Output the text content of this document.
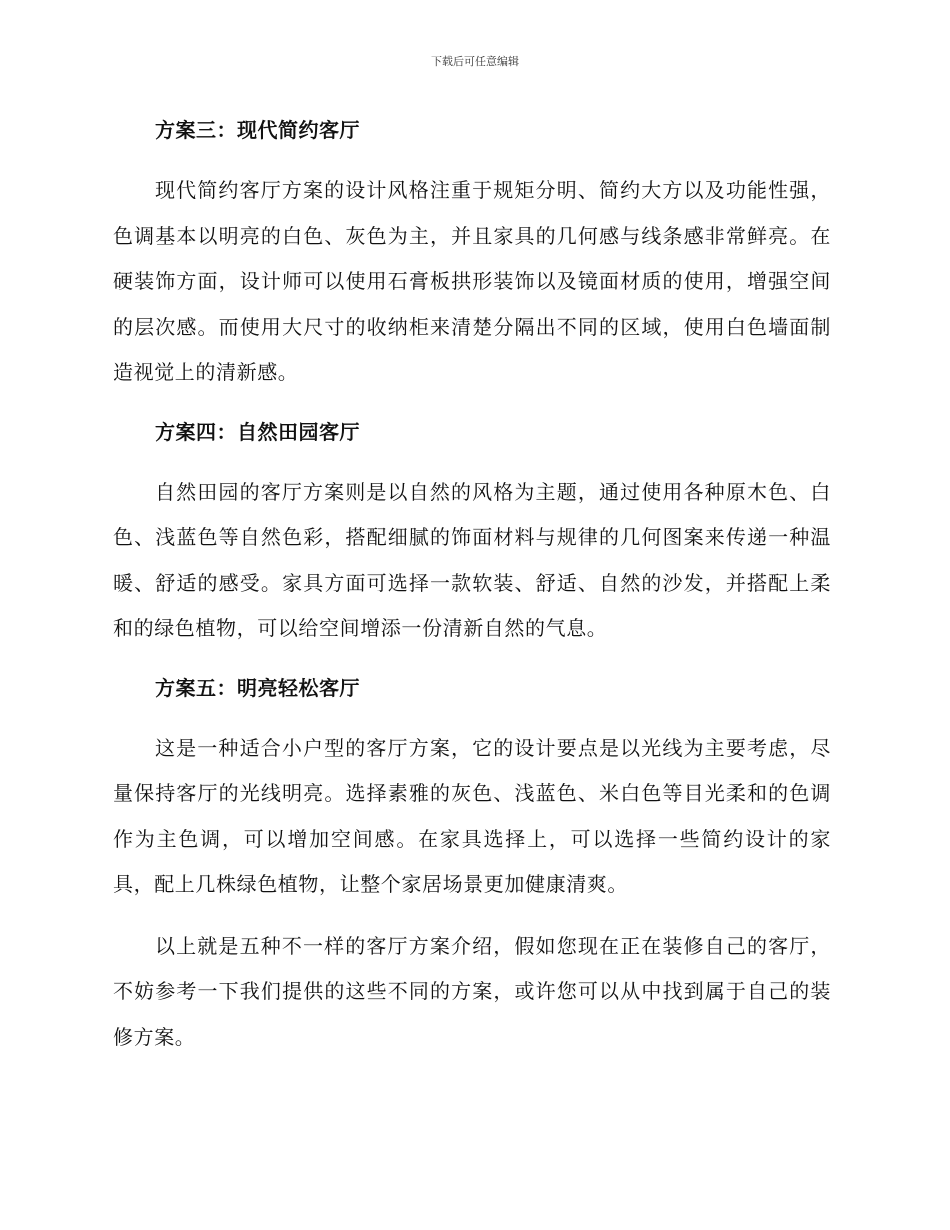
下载后可任意编辑
方案三：现代简约客厅

现代简约客厅方案的设计风格注重于规矩分明、简约大方以及功能性强，色调基本以明亮的白色、灰色为主，并且家具的几何感与线条感非常鲜亮。在硬装饰方面，设计师可以使用石膏板拱形装饰以及镜面材质的使用，增强空间的层次感。而使用大尺寸的收纳柜来清楚分隔出不同的区域，使用白色墙面制造视觉上的清新感。

方案四：自然田园客厅

自然田园的客厅方案则是以自然的风格为主题，通过使用各种原木色、白色、浅蓝色等自然色彩，搭配细腻的饰面材料与规律的几何图案来传递一种温暖、舒适的感受。家具方面可选择一款软装、舒适、自然的沙发，并搭配上柔和的绿色植物，可以给空间增添一份清新自然的气息。

方案五：明亮轻松客厅

这是一种适合小户型的客厅方案，它的设计要点是以光线为主要考虑，尽量保持客厅的光线明亮。选择素雅的灰色、浅蓝色、米白色等目光柔和的色调作为主色调，可以增加空间感。在家具选择上，可以选择一些简约设计的家具，配上几株绿色植物，让整个家居场景更加健康清爽。

以上就是五种不一样的客厅方案介绍，假如您现在正在装修自己的客厅，不妨参考一下我们提供的这些不同的方案，或许您可以从中找到属于自己的装修方案。
